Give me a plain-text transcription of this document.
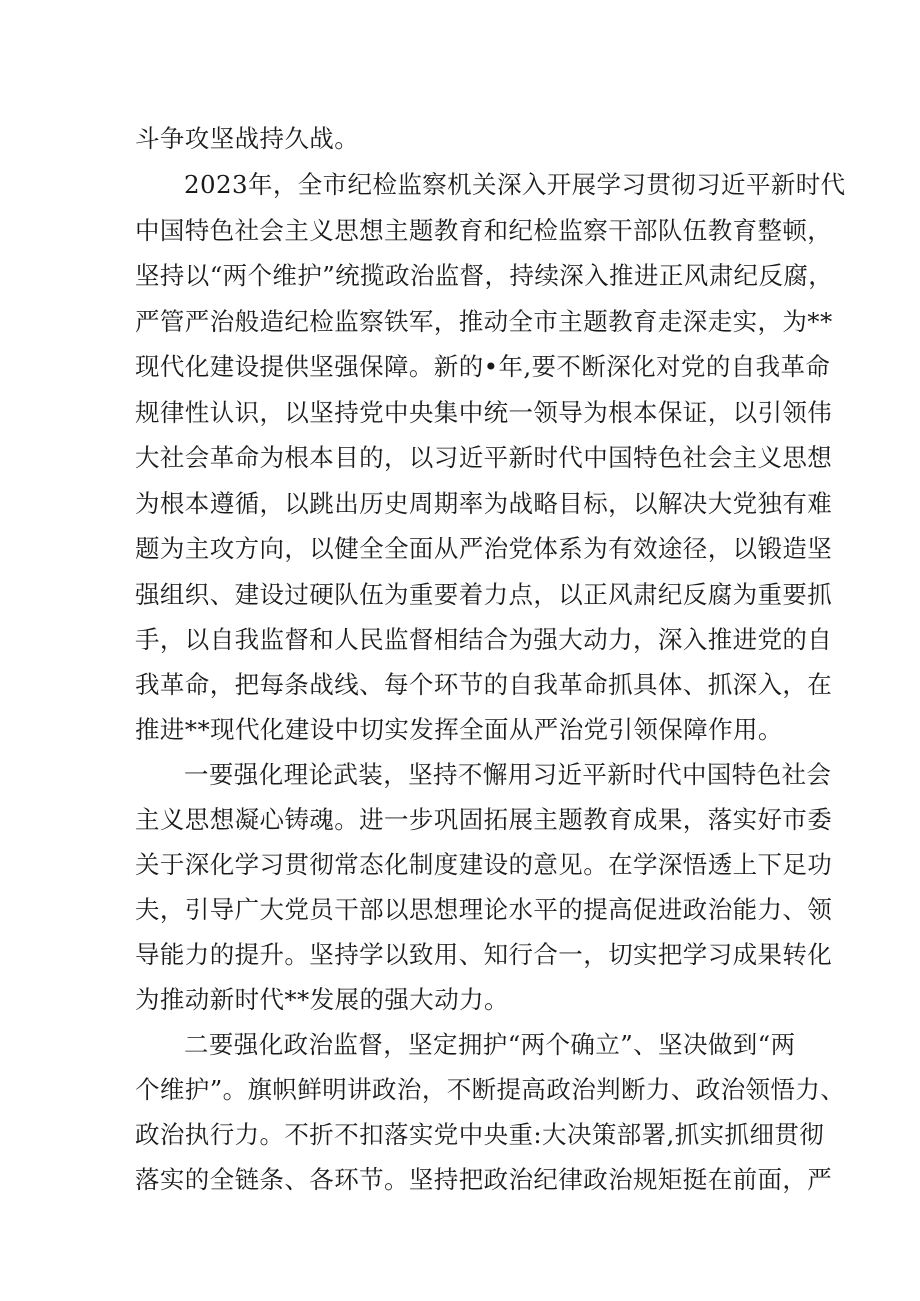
斗争攻坚战持久战。
2023年，全市纪检监察机关深入开展学习贯彻习近平新时代
中国特色社会主义思想主题教育和纪检监察干部队伍教育整顿，
坚持以“两个维护”统揽政治监督，持续深入推进正风肃纪反腐，
严管严治般造纪检监察铁军，推动全市主题教育走深走实，为**
现代化建设提供坚强保障。新的•年,要不断深化对党的自我革命
规律性认识，以坚持党中央集中统一领导为根本保证，以引领伟
大社会革命为根本目的，以习近平新时代中国特色社会主义思想
为根本遵循，以跳出历史周期率为战略目标，以解决大党独有难
题为主攻方向，以健全全面从严治党体系为有效途径，以锻造坚
强组织、建设过硬队伍为重要着力点，以正风肃纪反腐为重要抓
手，以自我监督和人民监督相结合为强大动力，深入推进党的自
我革命，把每条战线、每个环节的自我革命抓具体、抓深入，在
推进**现代化建设中切实发挥全面从严治党引领保障作用。
一要强化理论武装，坚持不懈用习近平新时代中国特色社会
主义思想凝心铸魂。进一步巩固拓展主题教育成果，落实好市委
关于深化学习贯彻常态化制度建设的意见。在学深悟透上下足功
夫，引导广大党员干部以思想理论水平的提高促进政治能力、领
导能力的提升。坚持学以致用、知行合一，切实把学习成果转化
为推动新时代**发展的强大动力。
二要强化政治监督，坚定拥护“两个确立”、坚决做到“两
个维护”。旗帜鲜明讲政治，不断提高政治判断力、政治领悟力、
政治执行力。不折不扣落实党中央重:大决策部署,抓实抓细贯彻
落实的全链条、各环节。坚持把政治纪律政治规矩挺在前面，严
